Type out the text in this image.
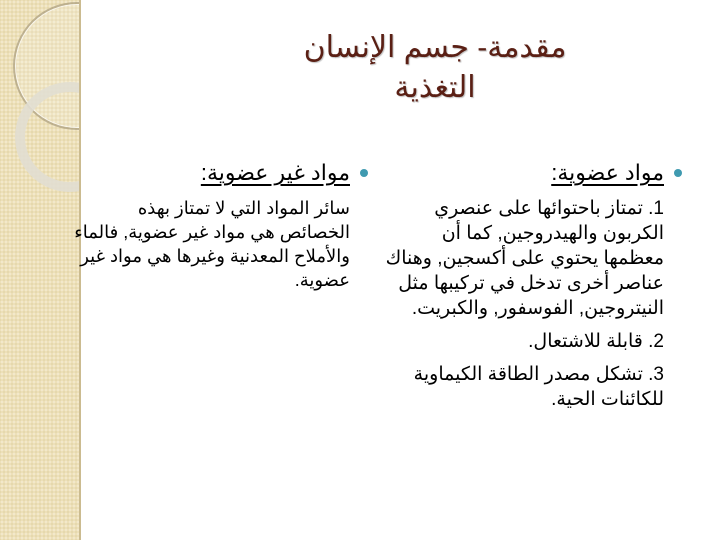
مقدمة- جسم الإنسان
التغذية
مواد عضوية:
1. تمتاز باحتوائها على عنصري الكربون والهيدروجين, كما أن معظمها يحتوي على أكسجين, وهناك عناصر أخرى تدخل في تركيبها مثل النيتروجين, الفوسفور, والكبريت.
2. قابلة للاشتعال.
3. تشكل مصدر الطاقة الكيماوية للكائنات الحية.
مواد غير عضوية:
سائر المواد التي لا تمتاز بهذه الخصائص هي مواد غير عضوية, فالماء والأملاح المعدنية وغيرها هي مواد غير عضوية.
